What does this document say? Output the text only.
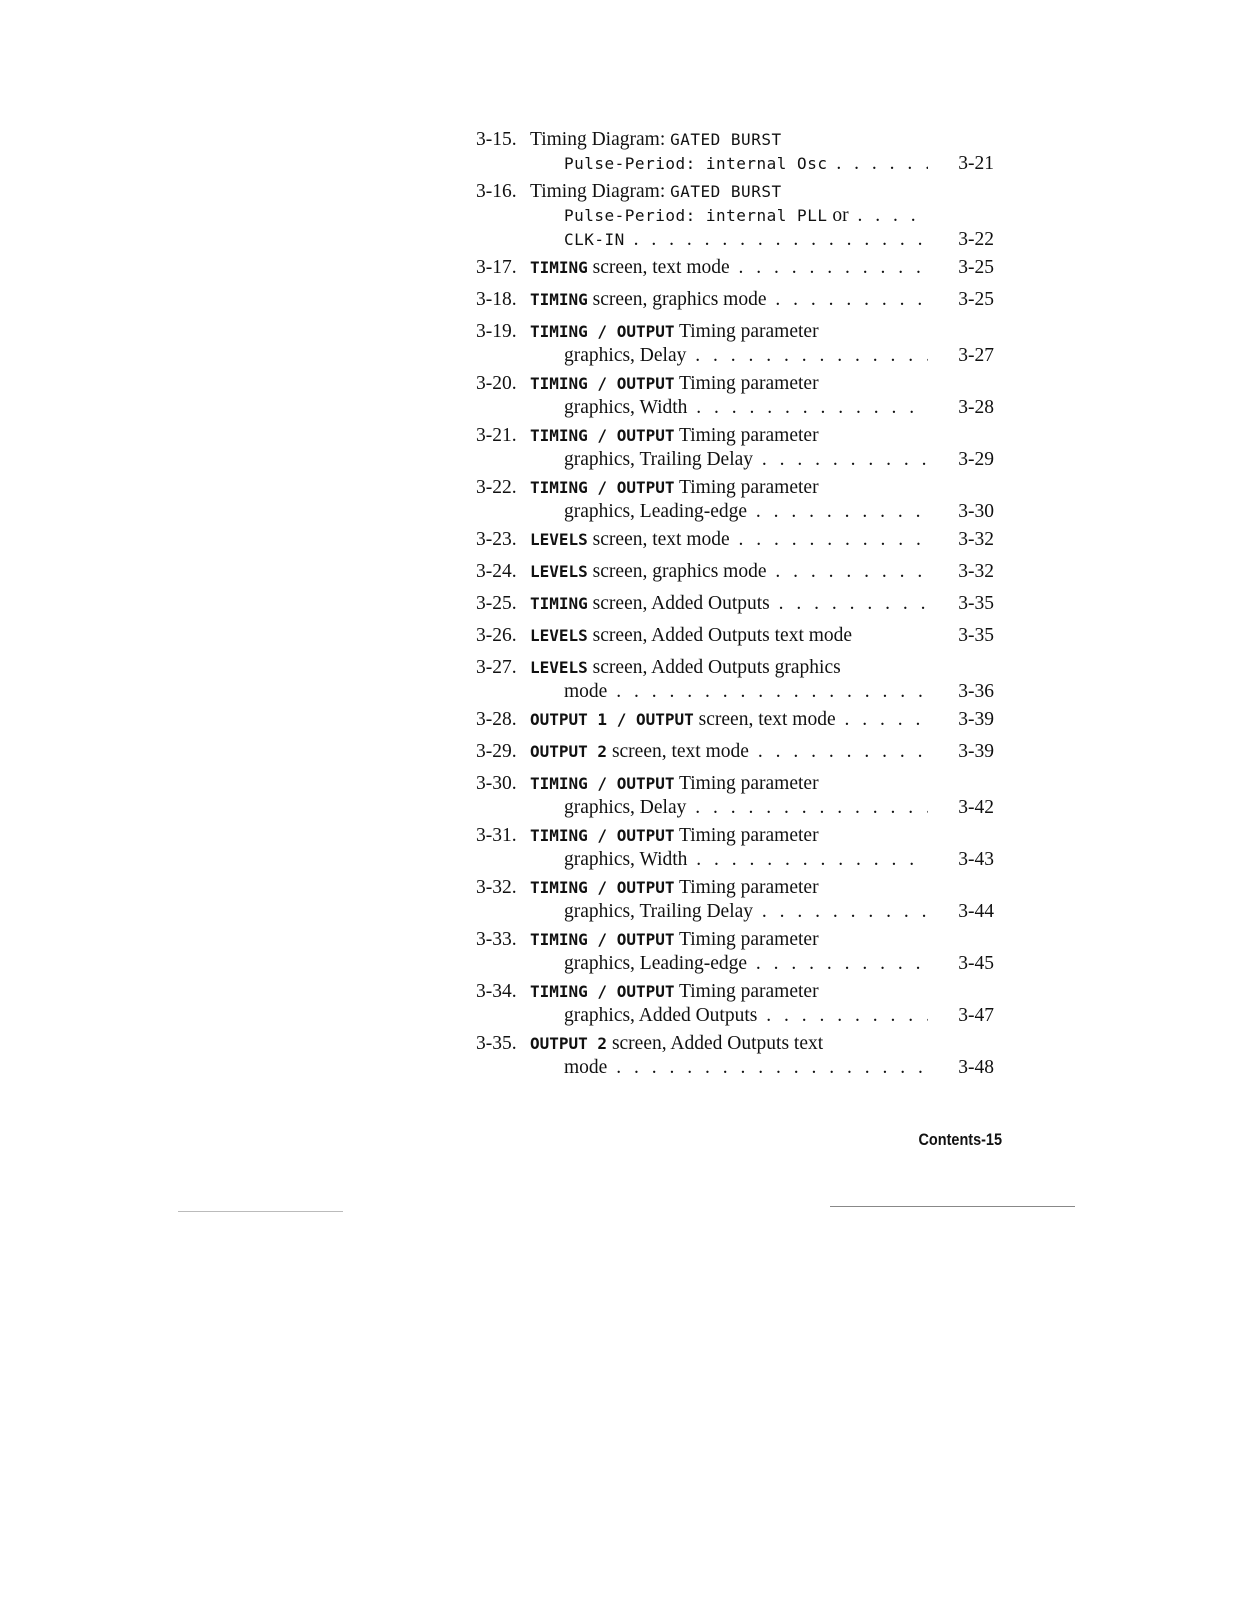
3-15. Timing Diagram: GATED BURST
Pulse-Period: internal Osc . . .	3-21
3-16. Timing Diagram: GATED BURST
Pulse-Period: internal PLL or . . .
CLK-IN . . .	3-22
3-17. TIMING screen, text mode . . .	3-25
3-18. TIMING screen, graphics mode . . .	3-25
3-19. TIMING / OUTPUT Timing parameter
graphics, Delay . . .	3-27
3-20. TIMING / OUTPUT Timing parameter
graphics, Width . . .	3-28
3-21. TIMING / OUTPUT Timing parameter
graphics, Trailing Delay . . .	3-29
3-22. TIMING / OUTPUT Timing parameter
graphics, Leading-edge . . .	3-30
3-23. LEVELS screen, text mode . . .	3-32
3-24. LEVELS screen, graphics mode . . .	3-32
3-25. TIMING screen, Added Outputs . . .	3-35
3-26. LEVELS screen, Added Outputs text mode	3-35
3-27. LEVELS screen, Added Outputs graphics
mode . . .	3-36
3-28. OUTPUT 1 / OUTPUT screen, text mode . . .	3-39
3-29. OUTPUT 2 screen, text mode . . .	3-39
3-30. TIMING / OUTPUT Timing parameter
graphics, Delay . . .	3-42
3-31. TIMING / OUTPUT Timing parameter
graphics, Width . . .	3-43
3-32. TIMING / OUTPUT Timing parameter
graphics, Trailing Delay . . .	3-44
3-33. TIMING / OUTPUT Timing parameter
graphics, Leading-edge . . .	3-45
3-34. TIMING / OUTPUT Timing parameter
graphics, Added Outputs . . .	3-47
3-35. OUTPUT 2 screen, Added Outputs text
mode . . .	3-48
Contents-15
